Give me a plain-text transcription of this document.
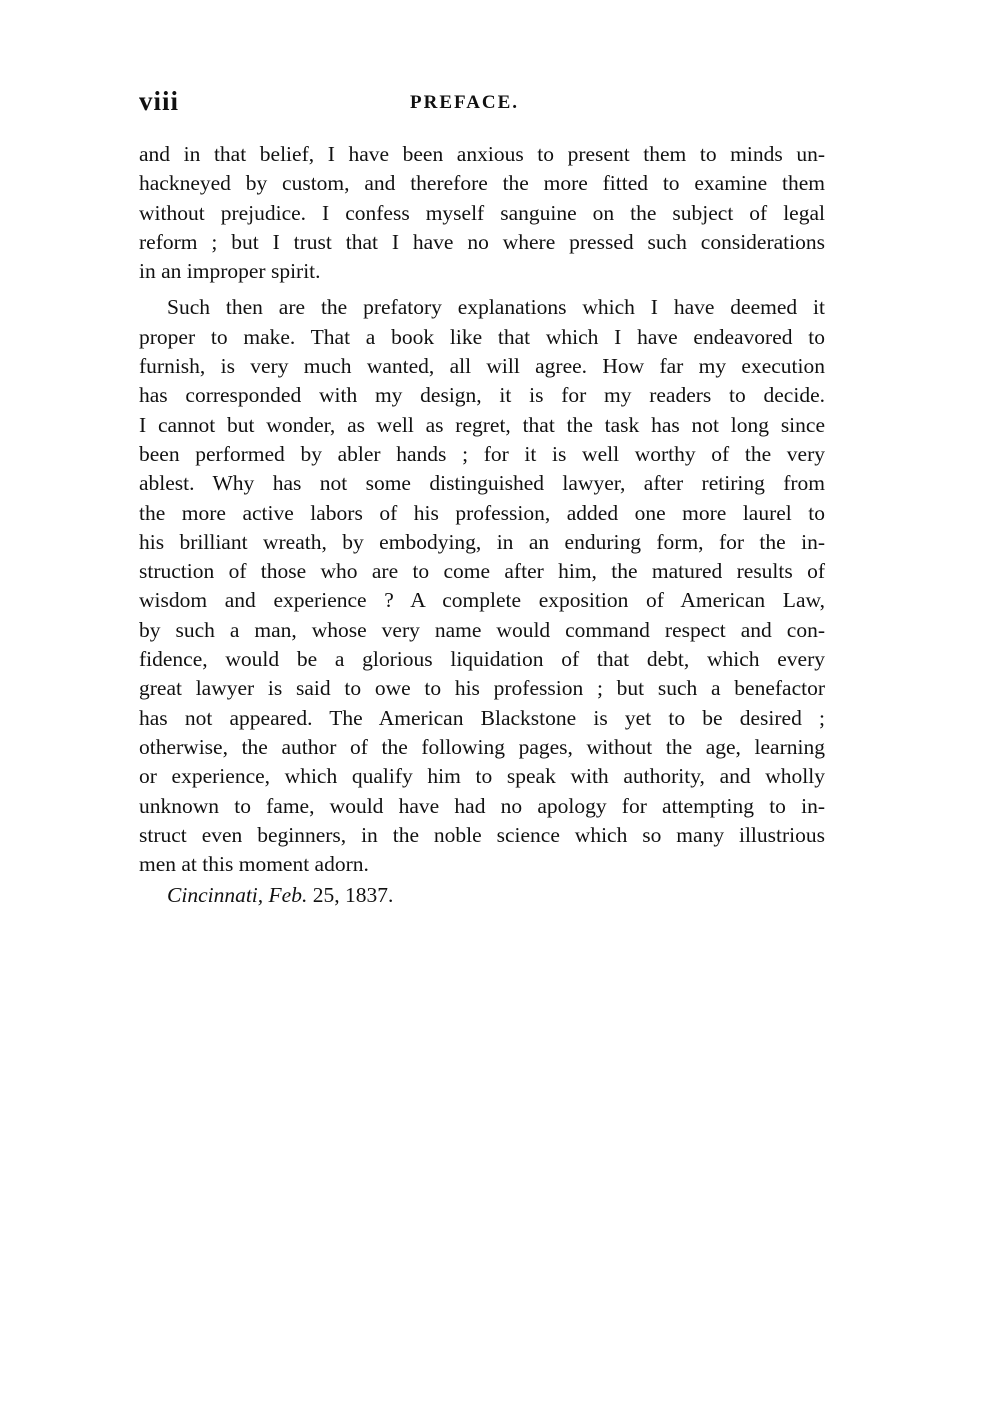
viii	PREFACE.
and in that belief, I have been anxious to present them to minds un-
hackneyed by custom, and therefore the more fitted to examine them
without prejudice. I confess myself sanguine on the subject of legal
reform ; but I trust that I have no where pressed such considerations
in an improper spirit.
Such then are the prefatory explanations which I have deemed it
proper to make. That a book like that which I have endeavored to
furnish, is very much wanted, all will agree. How far my execution
has corresponded with my design, it is for my readers to decide.
I cannot but wonder, as well as regret, that the task has not long since
been performed by abler hands ; for it is well worthy of the very
ablest. Why has not some distinguished lawyer, after retiring from
the more active labors of his profession, added one more laurel to
his brilliant wreath, by embodying, in an enduring form, for the in-
struction of those who are to come after him, the matured results of
wisdom and experience ? A complete exposition of American Law,
by such a man, whose very name would command respect and con-
fidence, would be a glorious liquidation of that debt, which every
great lawyer is said to owe to his profession ; but such a benefactor
has not appeared. The American Blackstone is yet to be desired ;
otherwise, the author of the following pages, without the age, learning
or experience, which qualify him to speak with authority, and wholly
unknown to fame, would have had no apology for attempting to in-
struct even beginners, in the noble science which so many illustrious
men at this moment adorn.
Cincinnati, Feb. 25, 1837.
